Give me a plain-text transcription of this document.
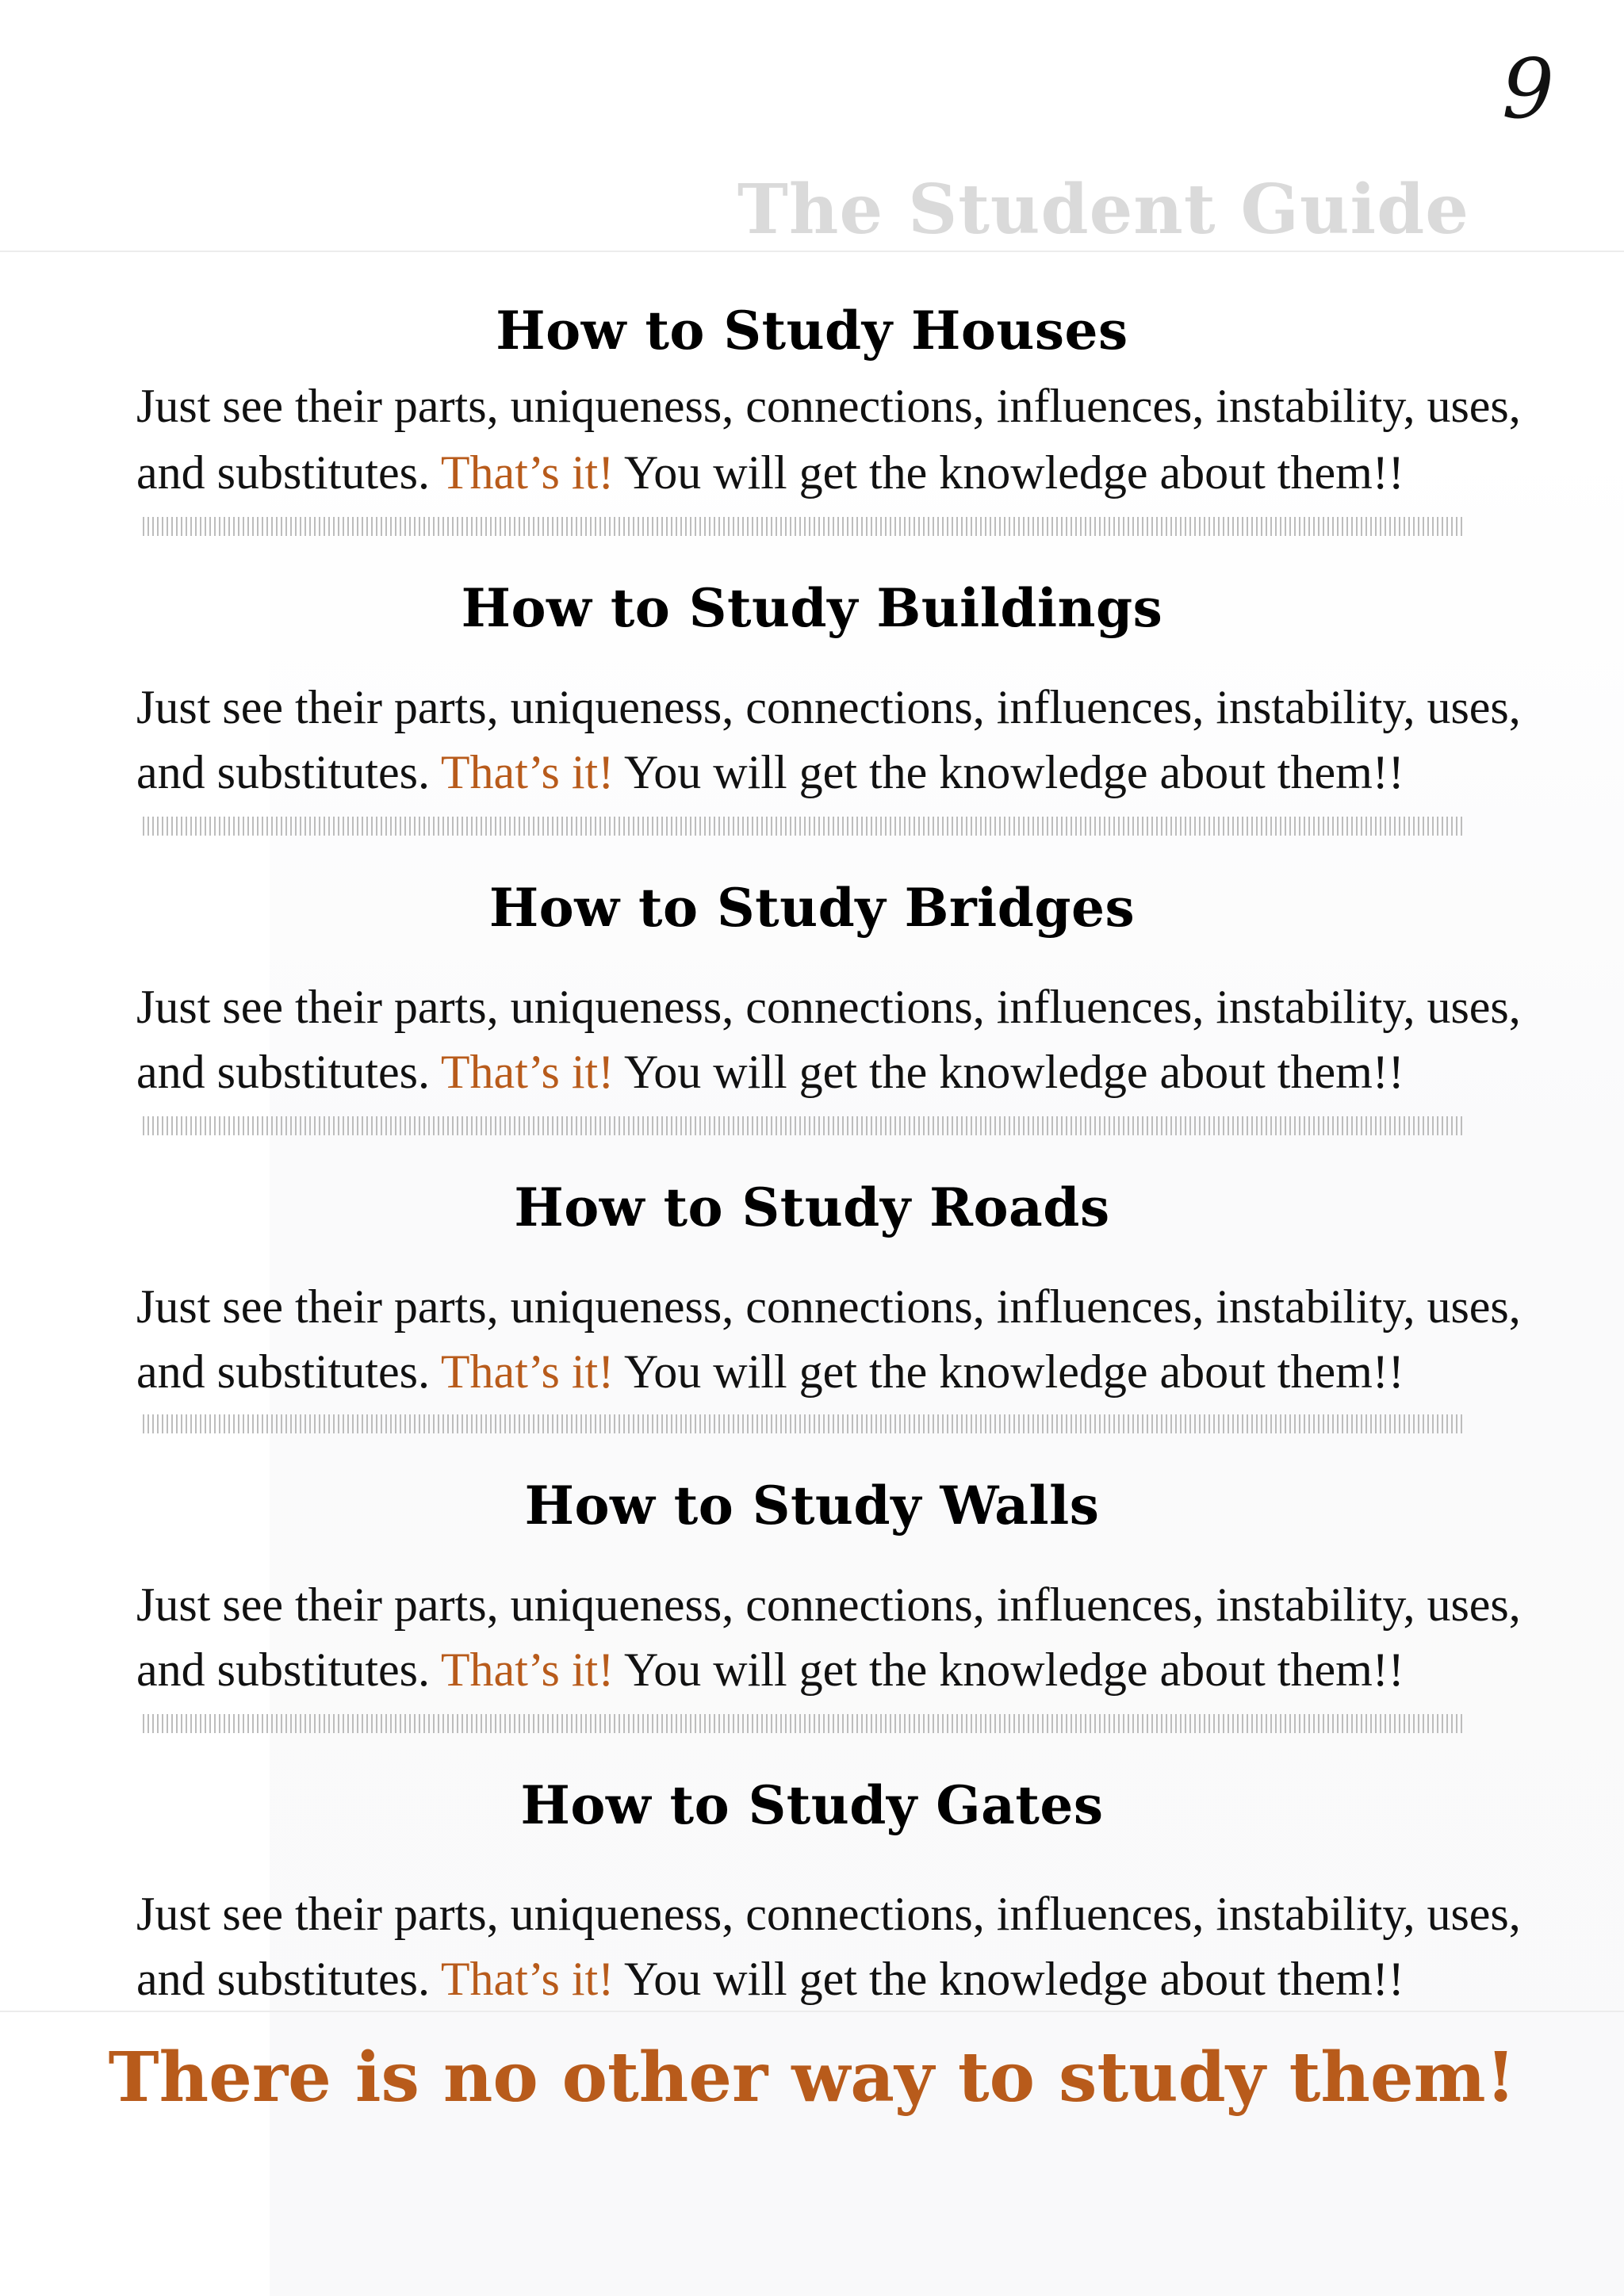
9
The Student Guide
How to Study Houses
Just see their parts, uniqueness, connections, influences, instability, uses,
and substitutes. That’s it! You will get the knowledge about them!!
How to Study Buildings
Just see their parts, uniqueness, connections, influences, instability, uses,
and substitutes. That’s it! You will get the knowledge about them!!
How to Study Bridges
Just see their parts, uniqueness, connections, influences, instability, uses,
and substitutes. That’s it! You will get the knowledge about them!!
How to Study Roads
Just see their parts, uniqueness, connections, influences, instability, uses,
and substitutes. That’s it! You will get the knowledge about them!!
How to Study Walls
Just see their parts, uniqueness, connections, influences, instability, uses,
and substitutes. That’s it! You will get the knowledge about them!!
How to Study Gates
Just see their parts, uniqueness, connections, influences, instability, uses,
and substitutes. That’s it! You will get the knowledge about them!!
There is no other way to study them!
